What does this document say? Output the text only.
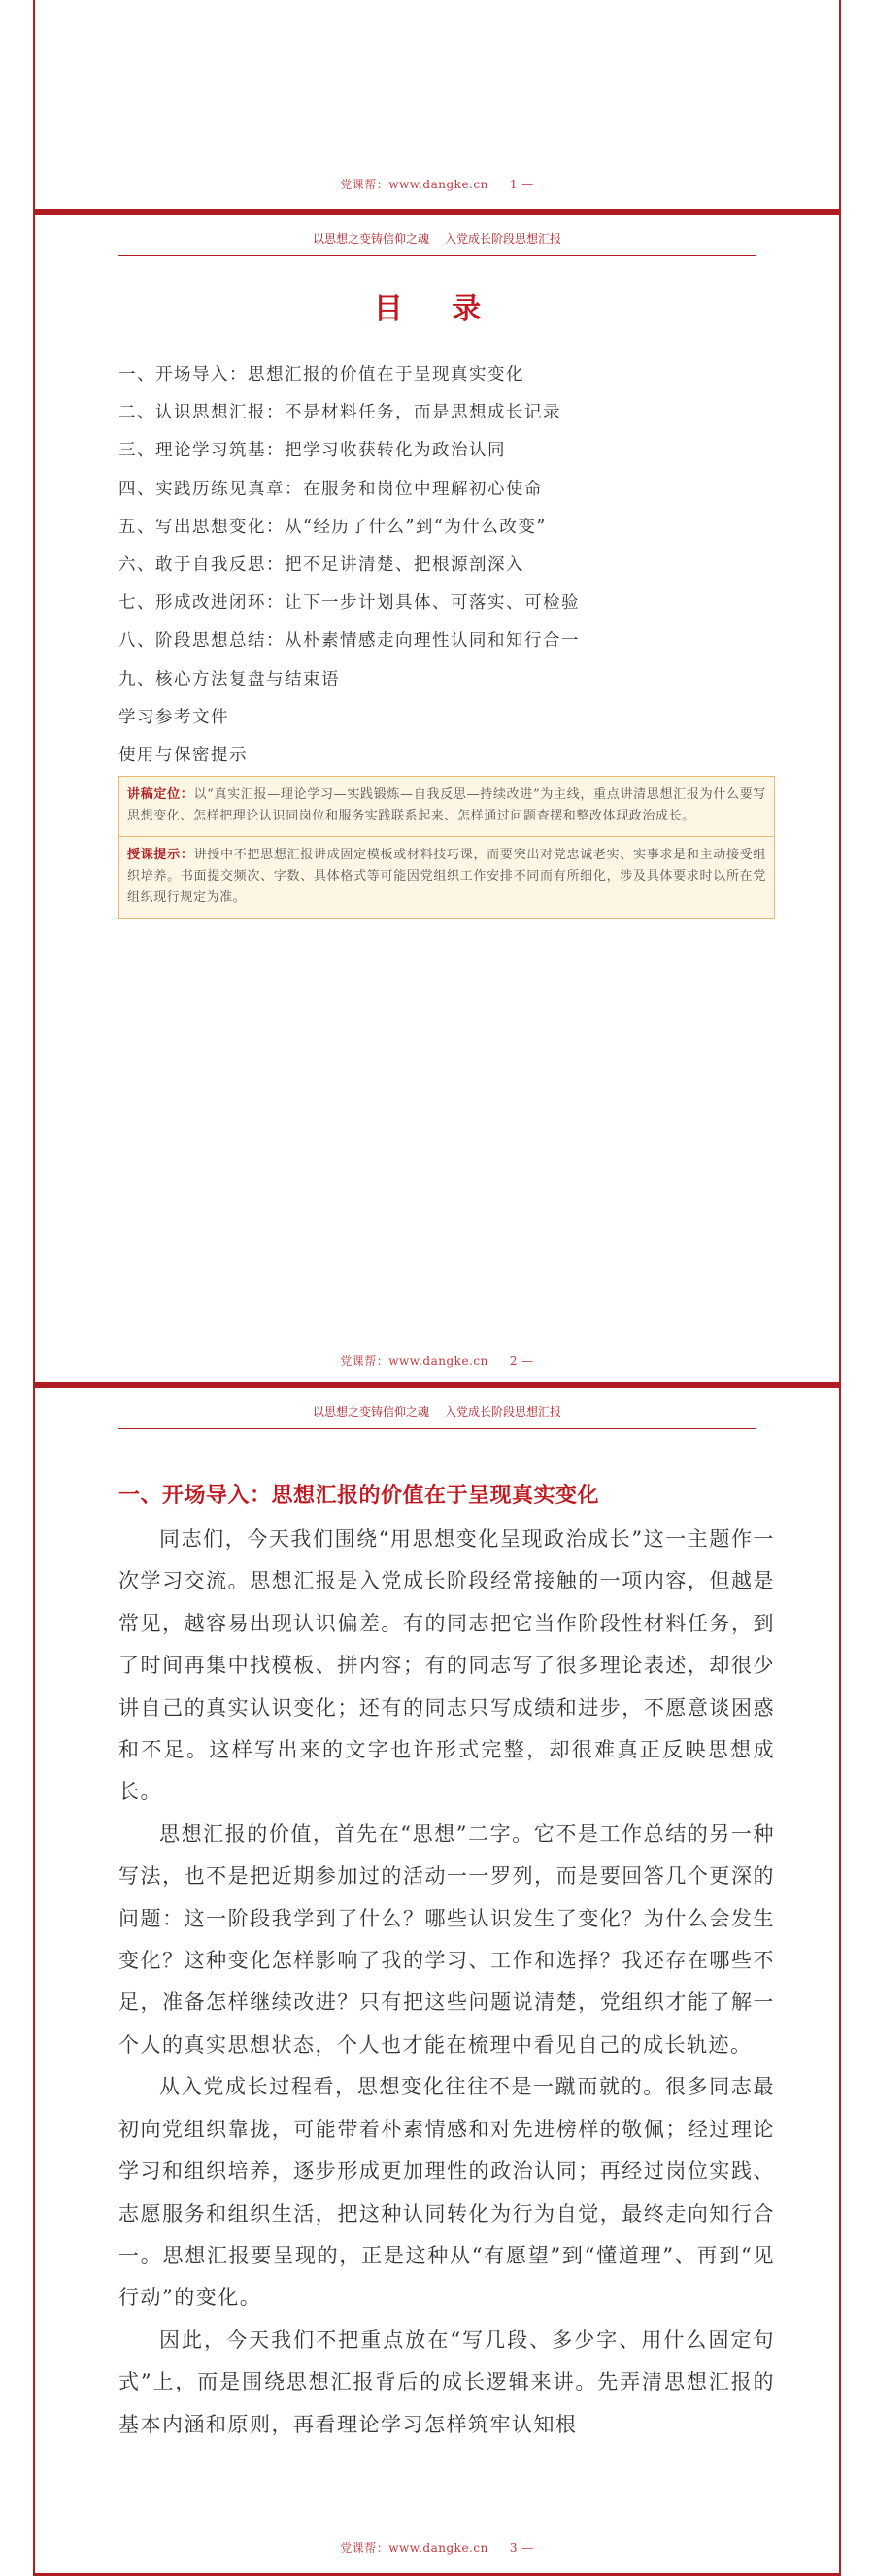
党课帮：www.dangke.cn 1 —
以思想之变铸信仰之魂 入党成长阶段思想汇报
目 录
一、开场导入：思想汇报的价值在于呈现真实变化
二、认识思想汇报：不是材料任务，而是思想成长记录
三、理论学习筑基：把学习收获转化为政治认同
四、实践历练见真章：在服务和岗位中理解初心使命
五、写出思想变化：从“经历了什么”到“为什么改变”
六、敢于自我反思：把不足讲清楚、把根源剖深入
七、形成改进闭环：让下一步计划具体、可落实、可检验
八、阶段思想总结：从朴素情感走向理性认同和知行合一
九、核心方法复盘与结束语
学习参考文件
使用与保密提示
讲稿定位：以“真实汇报—理论学习—实践锻炼—自我反思—持续改进”为主线，重点讲清思想汇报为什么要写思想变化、怎样把理论认识同岗位和服务实践联系起来、怎样通过问题查摆和整改体现政治成长。
授课提示：讲授中不把思想汇报讲成固定模板或材料技巧课，而要突出对党忠诚老实、实事求是和主动接受组织培养。书面提交频次、字数、具体格式等可能因党组织工作安排不同而有所细化，涉及具体要求时以所在党组织现行规定为准。
党课帮：www.dangke.cn 2 —
以思想之变铸信仰之魂 入党成长阶段思想汇报
一、开场导入：思想汇报的价值在于呈现真实变化

同志们，今天我们围绕“用思想变化呈现政治成长”这一主题作一次学习交流。思想汇报是入党成长阶段经常接触的一项内容，但越是常见，越容易出现认识偏差。有的同志把它当作阶段性材料任务，到了时间再集中找模板、拼内容；有的同志写了很多理论表述，却很少讲自己的真实认识变化；还有的同志只写成绩和进步，不愿意谈困惑和不足。这样写出来的文字也许形式完整，却很难真正反映思想成长。

思想汇报的价值，首先在“思想”二字。它不是工作总结的另一种写法，也不是把近期参加过的活动一一罗列，而是要回答几个更深的问题：这一阶段我学到了什么？哪些认识发生了变化？为什么会发生变化？这种变化怎样影响了我的学习、工作和选择？我还存在哪些不足，准备怎样继续改进？只有把这些问题说清楚，党组织才能了解一个人的真实思想状态，个人也才能在梳理中看见自己的成长轨迹。

从入党成长过程看，思想变化往往不是一蹴而就的。很多同志最初向党组织靠拢，可能带着朴素情感和对先进榜样的敬佩；经过理论学习和组织培养，逐步形成更加理性的政治认同；再经过岗位实践、志愿服务和组织生活，把这种认同转化为行为自觉，最终走向知行合一。思想汇报要呈现的，正是这种从“有愿望”到“懂道理”、再到“见行动”的变化。

因此，今天我们不把重点放在“写几段、多少字、用什么固定句式”上，而是围绕思想汇报背后的成长逻辑来讲。先弄清思想汇报的基本内涵和原则，再看理论学习怎样筑牢认知根

党课帮：www.dangke.cn 3 —
